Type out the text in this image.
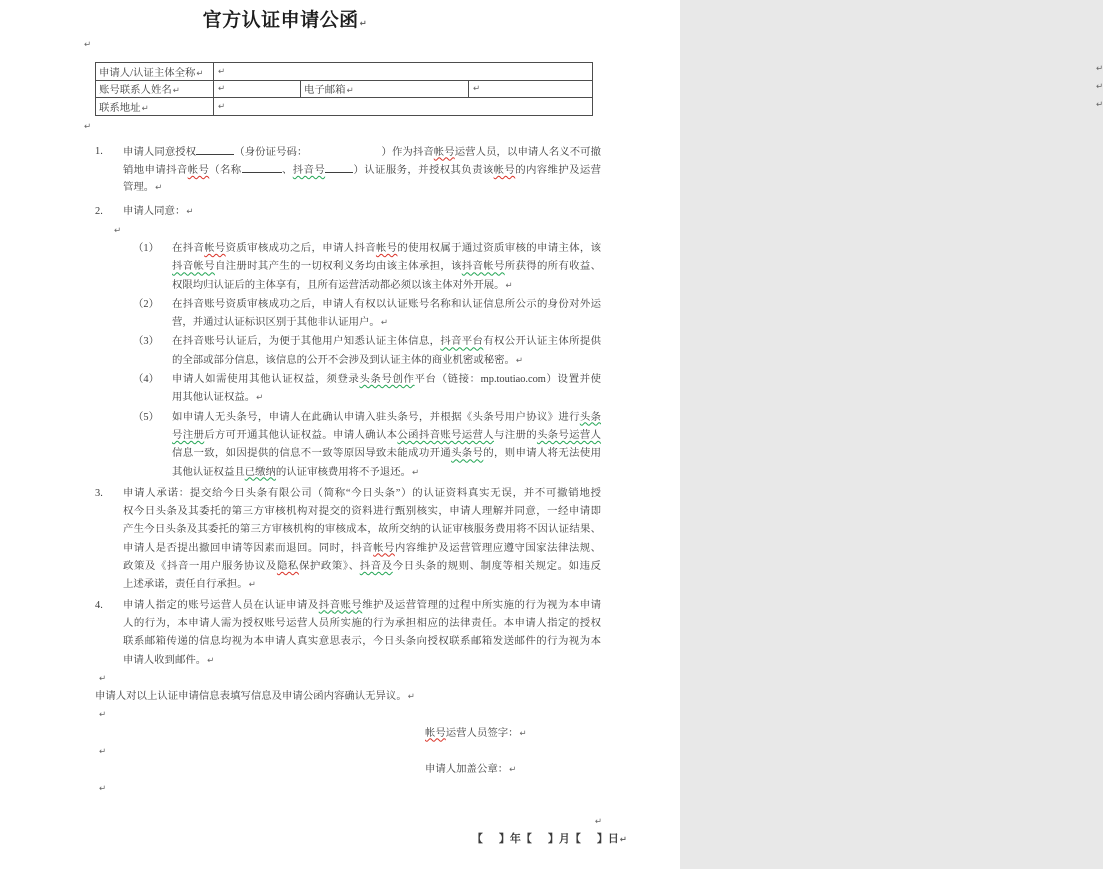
官方认证申请公函↵
↵
申请人/认证主体全称↵	↵		
账号联系人姓名↵	↵	电子邮箱↵	↵
联系地址↵	↵		
↵
↵
↵
↵
1.	申请人同意授权	（身份证号码：	）作为抖音帐号运营人员，以申请人名义不可撤
销地申请抖音帐号（名称	、抖音号	）认证服务，并授权其负责该帐号的内容维护及运营
管理。↵
2.	申请人同意：↵
↵
（1）	在抖音帐号资质审核成功之后，申请人抖音帐号的使用权属于通过资质审核的申请主体，该
抖音帐号自注册时其产生的一切权利义务均由该主体承担，该抖音帐号所获得的所有收益、
权限均归认证后的主体享有，且所有运营活动都必须以该主体对外开展。↵
（2）	在抖音账号资质审核成功之后，申请人有权以认证账号名称和认证信息所公示的身份对外运
营，并通过认证标识区别于其他非认证用户。↵
（3）	在抖音账号认证后，为便于其他用户知悉认证主体信息，抖音平台有权公开认证主体所提供
的全部或部分信息，该信息的公开不会涉及到认证主体的商业机密或秘密。↵
（4）	申请人如需使用其他认证权益，须登录头条号创作平台（链接：mp.toutiao.com）设置并使
用其他认证权益。↵
（5）	如申请人无头条号，申请人在此确认申请入驻头条号，并根据《头条号用户协议》进行头条
号注册后方可开通其他认证权益。申请人确认本公函抖音账号运营人与注册的头条号运营人
信息一致，如因提供的信息不一致等原因导致未能成功开通头条号的，则申请人将无法使用
其他认证权益且已缴纳的认证审核费用将不予退还。↵
3.	申请人承诺：提交给今日头条有限公司（简称“今日头条”）的认证资料真实无误，并不可撤销地授
权今日头条及其委托的第三方审核机构对提交的资料进行甄别核实，申请人理解并同意，一经申请即
产生今日头条及其委托的第三方审核机构的审核成本，故所交纳的认证审核服务费用将不因认证结果、
申请人是否提出撤回申请等因素而退回。同时，抖音帐号内容维护及运营管理应遵守国家法律法规、
政策及《抖音一用户服务协议及隐私保护政策》、抖音及今日头条的规则、制度等相关规定。如违反
上述承诺，责任自行承担。↵
4.	申请人指定的账号运营人员在认证申请及抖音账号维护及运营管理的过程中所实施的行为视为本申请
人的行为，本申请人需为授权账号运营人员所实施的行为承担相应的法律责任。本申请人指定的授权
联系邮箱传递的信息均视为本申请人真实意思表示，今日头条向授权联系邮箱发送邮件的行为视为本
申请人收到邮件。↵
↵
申请人对以上认证申请信息表填写信息及申请公函内容确认无异议。↵
↵
帐号运营人员签字：↵
↵
申请人加盖公章：↵
↵
↵
【 】年【 】月【 】日↵
